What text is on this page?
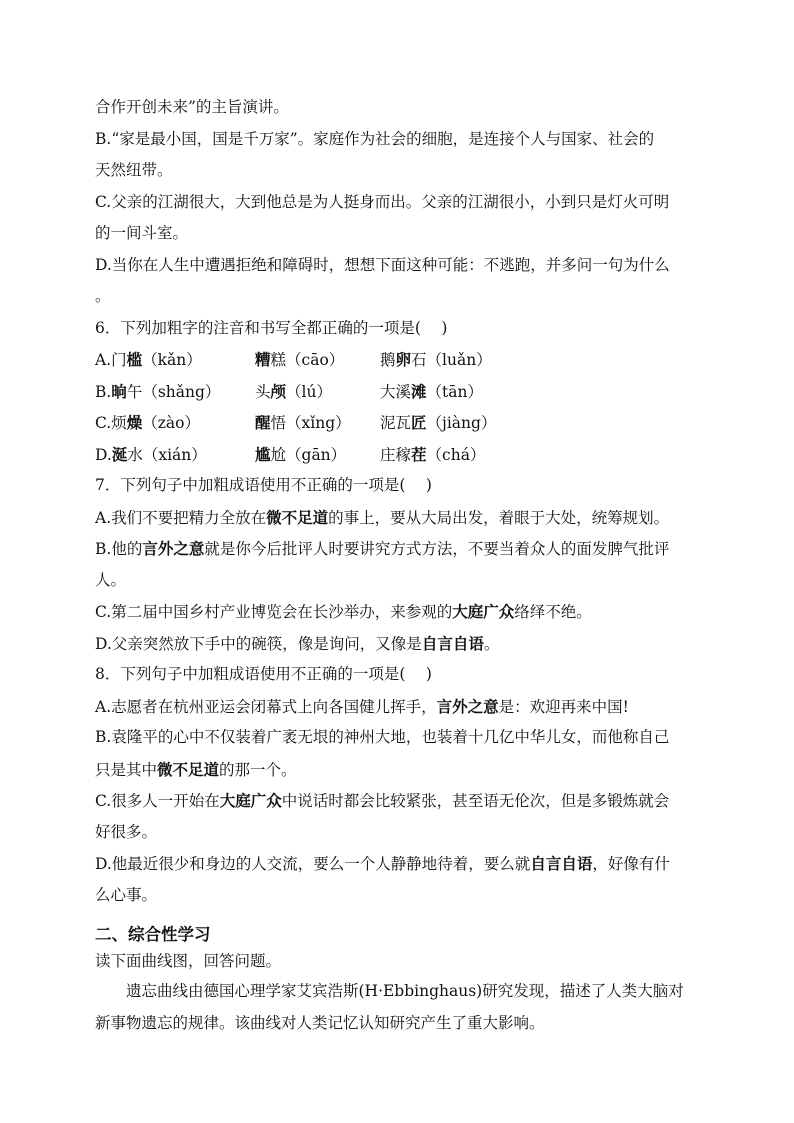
合作开创未来”的主旨演讲。
B.“家是最小国，国是千万家”。家庭作为社会的细胞，是连接个人与国家、社会的
天然纽带。
C.父亲的江湖很大，大到他总是为人挺身而出。父亲的江湖很小，小到只是灯火可明
的一间斗室。
D.当你在人生中遭遇拒绝和障碍时，想想下面这种可能：不逃跑，并多问一句为什么
。
6．下列加粗字的注音和书写全都正确的一项是(　 )
A.门槛（kǎn）	糟糕（cāo）	鹅卵石（luǎn）
B.晌午（shǎng）	头颅（lú）	大溪滩（tān）
C.烦燥（zào）	醒悟（xǐng）	泥瓦匠（jiàng）
D.涎水（xián）	尴尬（gān）	庄稼茬（chá）
7．下列句子中加粗成语使用不正确的一项是(　 )
A.我们不要把精力全放在微不足道的事上，要从大局出发，着眼于大处，统筹规划。
B.他的言外之意就是你今后批评人时要讲究方式方法，不要当着众人的面发脾气批评
人。
C.第二届中国乡村产业博览会在长沙举办，来参观的大庭广众络绎不绝。
D.父亲突然放下手中的碗筷，像是询问，又像是自言自语。
8．下列句子中加粗成语使用不正确的一项是(　 )
A.志愿者在杭州亚运会闭幕式上向各国健儿挥手，言外之意是：欢迎再来中国!
B.袁隆平的心中不仅装着广袤无垠的神州大地，也装着十几亿中华儿女，而他称自己
只是其中微不足道的那一个。
C.很多人一开始在大庭广众中说话时都会比较紧张，甚至语无伦次，但是多锻炼就会
好很多。
D.他最近很少和身边的人交流，要么一个人静静地待着，要么就自言自语，好像有什
么心事。
二、综合性学习
读下面曲线图，回答问题。
遗忘曲线由德国心理学家艾宾浩斯(H·Ebbinghaus)研究发现，描述了人类大脑对
新事物遗忘的规律。该曲线对人类记忆认知研究产生了重大影响。
